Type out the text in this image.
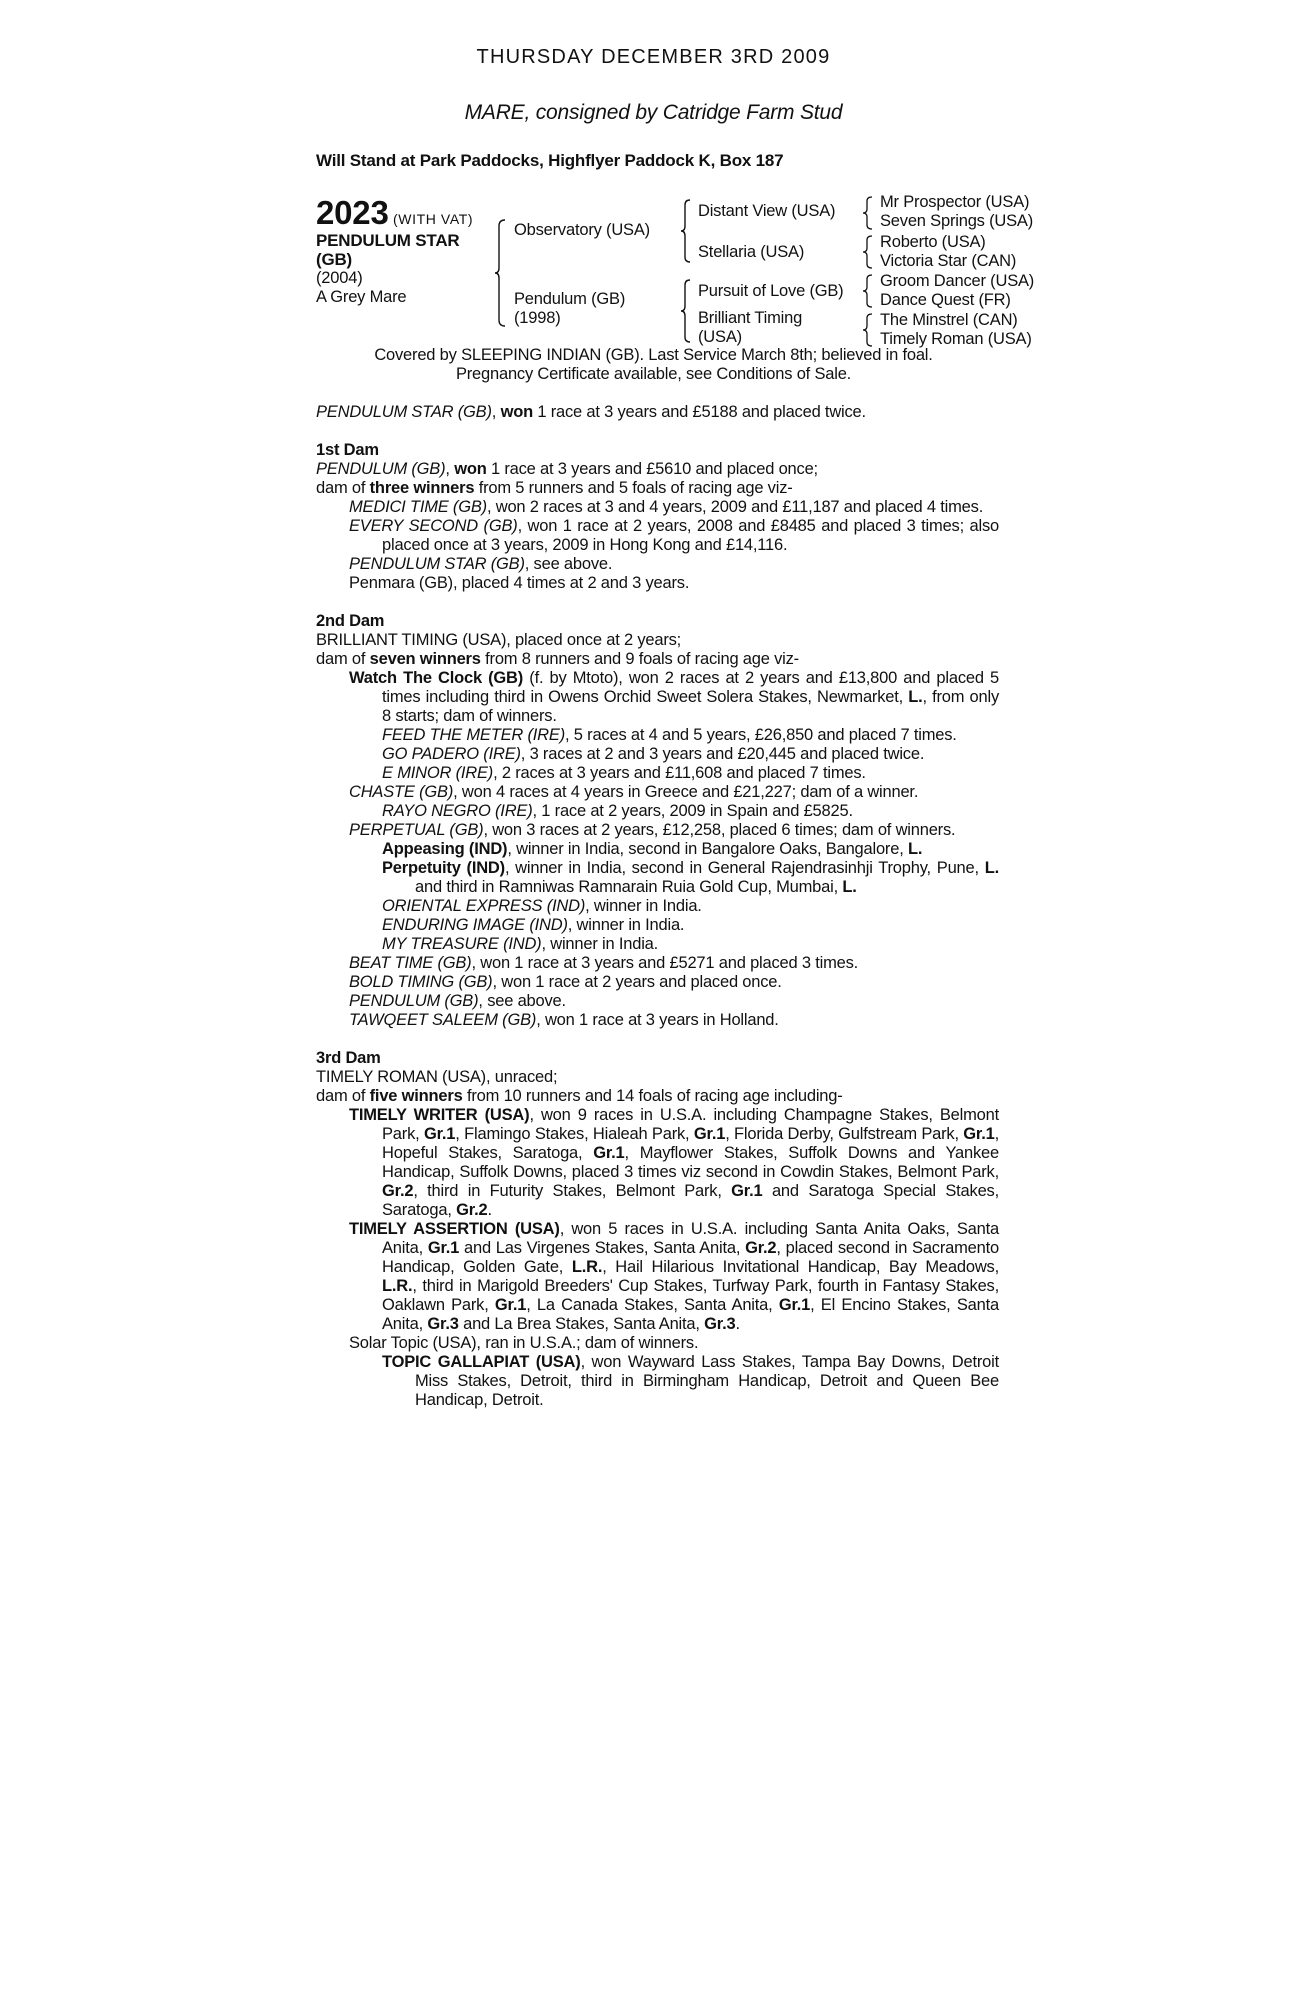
THURSDAY DECEMBER 3RD 2009
MARE, consigned by Catridge Farm Stud
Will Stand at Park Paddocks, Highflyer Paddock K, Box 187
2023 (WITH VAT)
PENDULUM STAR
(GB)
(2004)
A Grey Mare
Observatory (USA)
Pendulum (GB)
(1998)
Distant View (USA)
Stellaria (USA)
Pursuit of Love (GB)
Brilliant Timing
(USA)
Mr Prospector (USA)
Seven Springs (USA)
Roberto (USA)
Victoria Star (CAN)
Groom Dancer (USA)
Dance Quest (FR)
The Minstrel (CAN)
Timely Roman (USA)
Covered by SLEEPING INDIAN (GB). Last Service March 8th; believed in foal.
Pregnancy Certificate available, see Conditions of Sale.

PENDULUM STAR (GB), won 1 race at 3 years and £5188 and placed twice.

1st Dam

PENDULUM (GB), won 1 race at 3 years and £5610 and placed once;

dam of three winners from 5 runners and 5 foals of racing age viz-

MEDICI TIME (GB), won 2 races at 3 and 4 years, 2009 and £11,187 and placed 4 times.

EVERY SECOND (GB), won 1 race at 2 years, 2008 and £8485 and placed 3 times; also placed once at 3 years, 2009 in Hong Kong and £14,116.

PENDULUM STAR (GB), see above.

Penmara (GB), placed 4 times at 2 and 3 years.

2nd Dam

BRILLIANT TIMING (USA), placed once at 2 years;

dam of seven winners from 8 runners and 9 foals of racing age viz-

Watch The Clock (GB) (f. by Mtoto), won 2 races at 2 years and £13,800 and placed 5 times including third in Owens Orchid Sweet Solera Stakes, Newmarket, L., from only 8 starts; dam of winners.

FEED THE METER (IRE), 5 races at 4 and 5 years, £26,850 and placed 7 times.

GO PADERO (IRE), 3 races at 2 and 3 years and £20,445 and placed twice.

E MINOR (IRE), 2 races at 3 years and £11,608 and placed 7 times.

CHASTE (GB), won 4 races at 4 years in Greece and £21,227; dam of a winner.

RAYO NEGRO (IRE), 1 race at 2 years, 2009 in Spain and £5825.

PERPETUAL (GB), won 3 races at 2 years, £12,258, placed 6 times; dam of winners.

Appeasing (IND), winner in India, second in Bangalore Oaks, Bangalore, L.

Perpetuity (IND), winner in India, second in General Rajendrasinhji Trophy, Pune, L. and third in Ramniwas Ramnarain Ruia Gold Cup, Mumbai, L.

ORIENTAL EXPRESS (IND), winner in India.

ENDURING IMAGE (IND), winner in India.

MY TREASURE (IND), winner in India.

BEAT TIME (GB), won 1 race at 3 years and £5271 and placed 3 times.

BOLD TIMING (GB), won 1 race at 2 years and placed once.

PENDULUM (GB), see above.

TAWQEET SALEEM (GB), won 1 race at 3 years in Holland.

3rd Dam

TIMELY ROMAN (USA), unraced;

dam of five winners from 10 runners and 14 foals of racing age including-

TIMELY WRITER (USA), won 9 races in U.S.A. including Champagne Stakes, Belmont Park, Gr.1, Flamingo Stakes, Hialeah Park, Gr.1, Florida Derby, Gulfstream Park, Gr.1, Hopeful Stakes, Saratoga, Gr.1, Mayflower Stakes, Suffolk Downs and Yankee Handicap, Suffolk Downs, placed 3 times viz second in Cowdin Stakes, Belmont Park, Gr.2, third in Futurity Stakes, Belmont Park, Gr.1 and Saratoga Special Stakes, Saratoga, Gr.2.

TIMELY ASSERTION (USA), won 5 races in U.S.A. including Santa Anita Oaks, Santa Anita, Gr.1 and Las Virgenes Stakes, Santa Anita, Gr.2, placed second in Sacramento Handicap, Golden Gate, L.R., Hail Hilarious Invitational Handicap, Bay Meadows, L.R., third in Marigold Breeders' Cup Stakes, Turfway Park, fourth in Fantasy Stakes, Oaklawn Park, Gr.1, La Canada Stakes, Santa Anita, Gr.1, El Encino Stakes, Santa Anita, Gr.3 and La Brea Stakes, Santa Anita, Gr.3.

Solar Topic (USA), ran in U.S.A.; dam of winners.

TOPIC GALLAPIAT (USA), won Wayward Lass Stakes, Tampa Bay Downs, Detroit Miss Stakes, Detroit, third in Birmingham Handicap, Detroit and Queen Bee Handicap, Detroit.
